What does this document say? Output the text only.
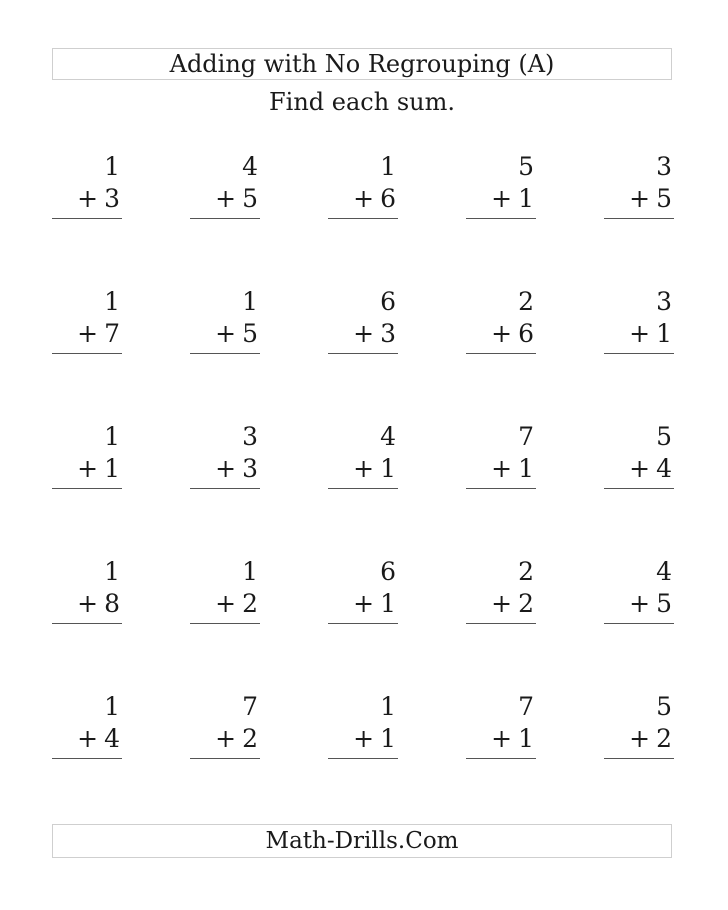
Adding with No Regrouping (A)
Find each sum.
1
+ 3
4
+ 5
1
+ 6
5
+ 1
3
+ 5
1
+ 7
1
+ 5
6
+ 3
2
+ 6
3
+ 1
1
+ 1
3
+ 3
4
+ 1
7
+ 1
5
+ 4
1
+ 8
1
+ 2
6
+ 1
2
+ 2
4
+ 5
1
+ 4
7
+ 2
1
+ 1
7
+ 1
5
+ 2
Math-Drills.Com
